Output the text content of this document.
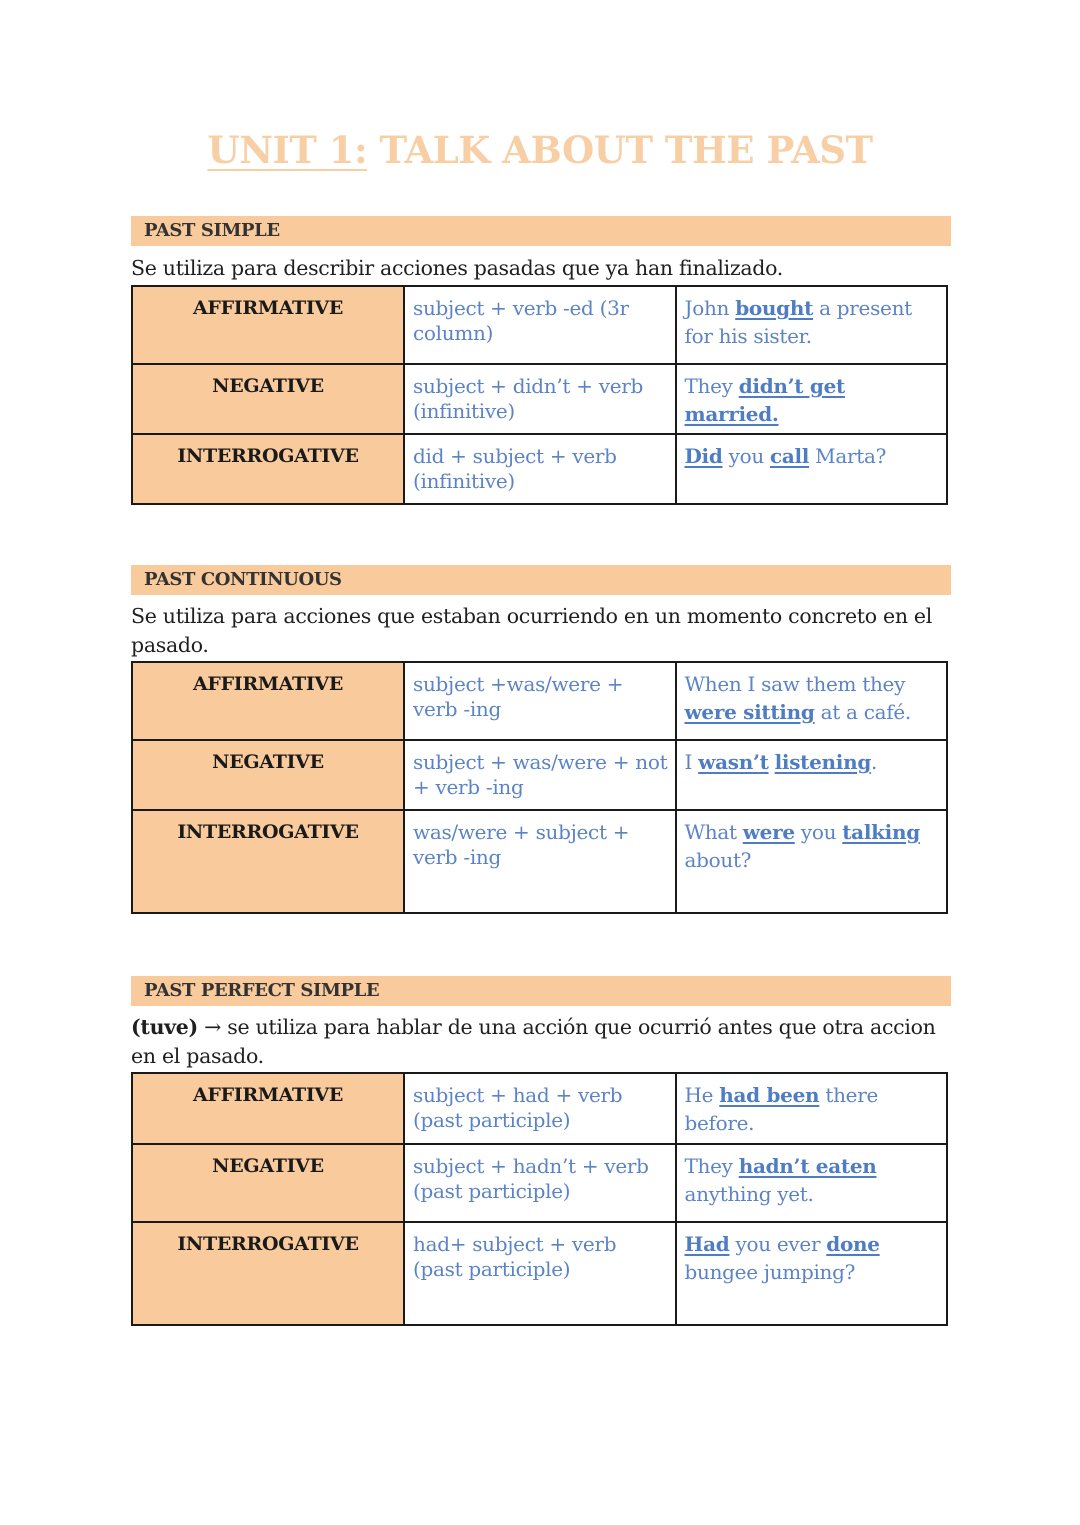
UNIT 1: TALK ABOUT THE PAST
PAST SIMPLE
Se utiliza para describir acciones pasadas que ya han finalizado.
AFFIRMATIVE	subject + verb -ed (3r column)	John bought a present for his sister.
NEGATIVE	subject + didn’t + verb (infinitive)	They didn’t get married.
INTERROGATIVE	did + subject + verb (infinitive)	Did you call Marta?
PAST CONTINUOUS
Se utiliza para acciones que estaban ocurriendo en un momento concreto en el pasado.
AFFIRMATIVE	subject +was/were + verb -ing	When I saw them they were sitting at a café.
NEGATIVE	subject + was/were + not + verb -ing	I wasn’t listening.
INTERROGATIVE	was/were + subject + verb -ing	What were you talking about?
PAST PERFECT SIMPLE
(tuve) → se utiliza para hablar de una acción que ocurrió antes que otra accion en el pasado.
AFFIRMATIVE	subject + had + verb (past participle)	He had been there before.
NEGATIVE	subject + hadn’t + verb (past participle)	They hadn’t eaten anything yet.
INTERROGATIVE	had+ subject + verb (past participle)	Had you ever done bungee jumping?
